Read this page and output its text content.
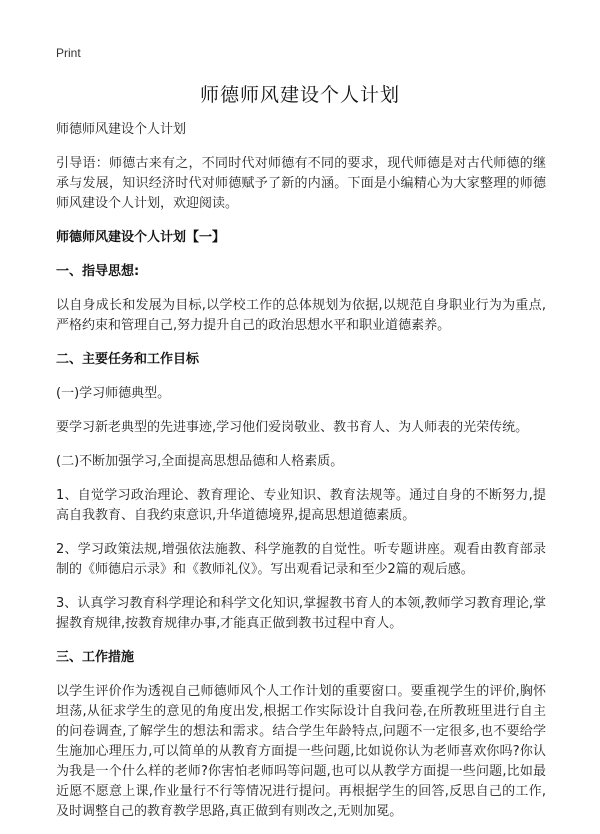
Print
师德师风建设个人计划

师德师风建设个人计划

引导语：师德古来有之，不同时代对师德有不同的要求，现代师德是对古代师德的继承与发展，知识经济时代对师德赋予了新的内涵。下面是小编精心为大家整理的师德师风建设个人计划，欢迎阅读。

师德师风建设个人计划【一】

一、指导思想:

以自身成长和发展为目标,以学校工作的总体规划为依据,以规范自身职业行为为重点,严格约束和管理自己,努力提升自己的政治思想水平和职业道德素养。

二、主要任务和工作目标

(一)学习师德典型。

要学习新老典型的先进事迹,学习他们爱岗敬业、教书育人、为人师表的光荣传统。

(二)不断加强学习,全面提高思想品德和人格素质。

1、自觉学习政治理论、教育理论、专业知识、教育法规等。通过自身的不断努力,提高自我教育、自我约束意识,升华道德境界,提高思想道德素质。

2、学习政策法规,增强依法施教、科学施教的自觉性。听专题讲座。观看由教育部录制的《师德启示录》和《教师礼仪》。写出观看记录和至少2篇的观后感。

3、认真学习教育科学理论和科学文化知识,掌握教书育人的本领,教师学习教育理论,掌握教育规律,按教育规律办事,才能真正做到教书过程中育人。

三、工作措施

以学生评价作为透视自己师德师风个人工作计划的重要窗口。要重视学生的评价,胸怀坦荡,从征求学生的意见的角度出发,根据工作实际设计自我问卷,在所教班里进行自主的问卷调查,了解学生的想法和需求。结合学生年龄特点,问题不一定很多,也不要给学生施加心理压力,可以简单的从教育方面提一些问题,比如说你认为老师喜欢你吗?你认为我是一个什么样的老师?你害怕老师吗等问题,也可以从教学方面提一些问题,比如最近愿不愿意上课,作业量行不行等情况进行提问。再根据学生的回答,反思自己的工作,及时调整自己的教育教学思路,真正做到有则改之,无则加冕。
